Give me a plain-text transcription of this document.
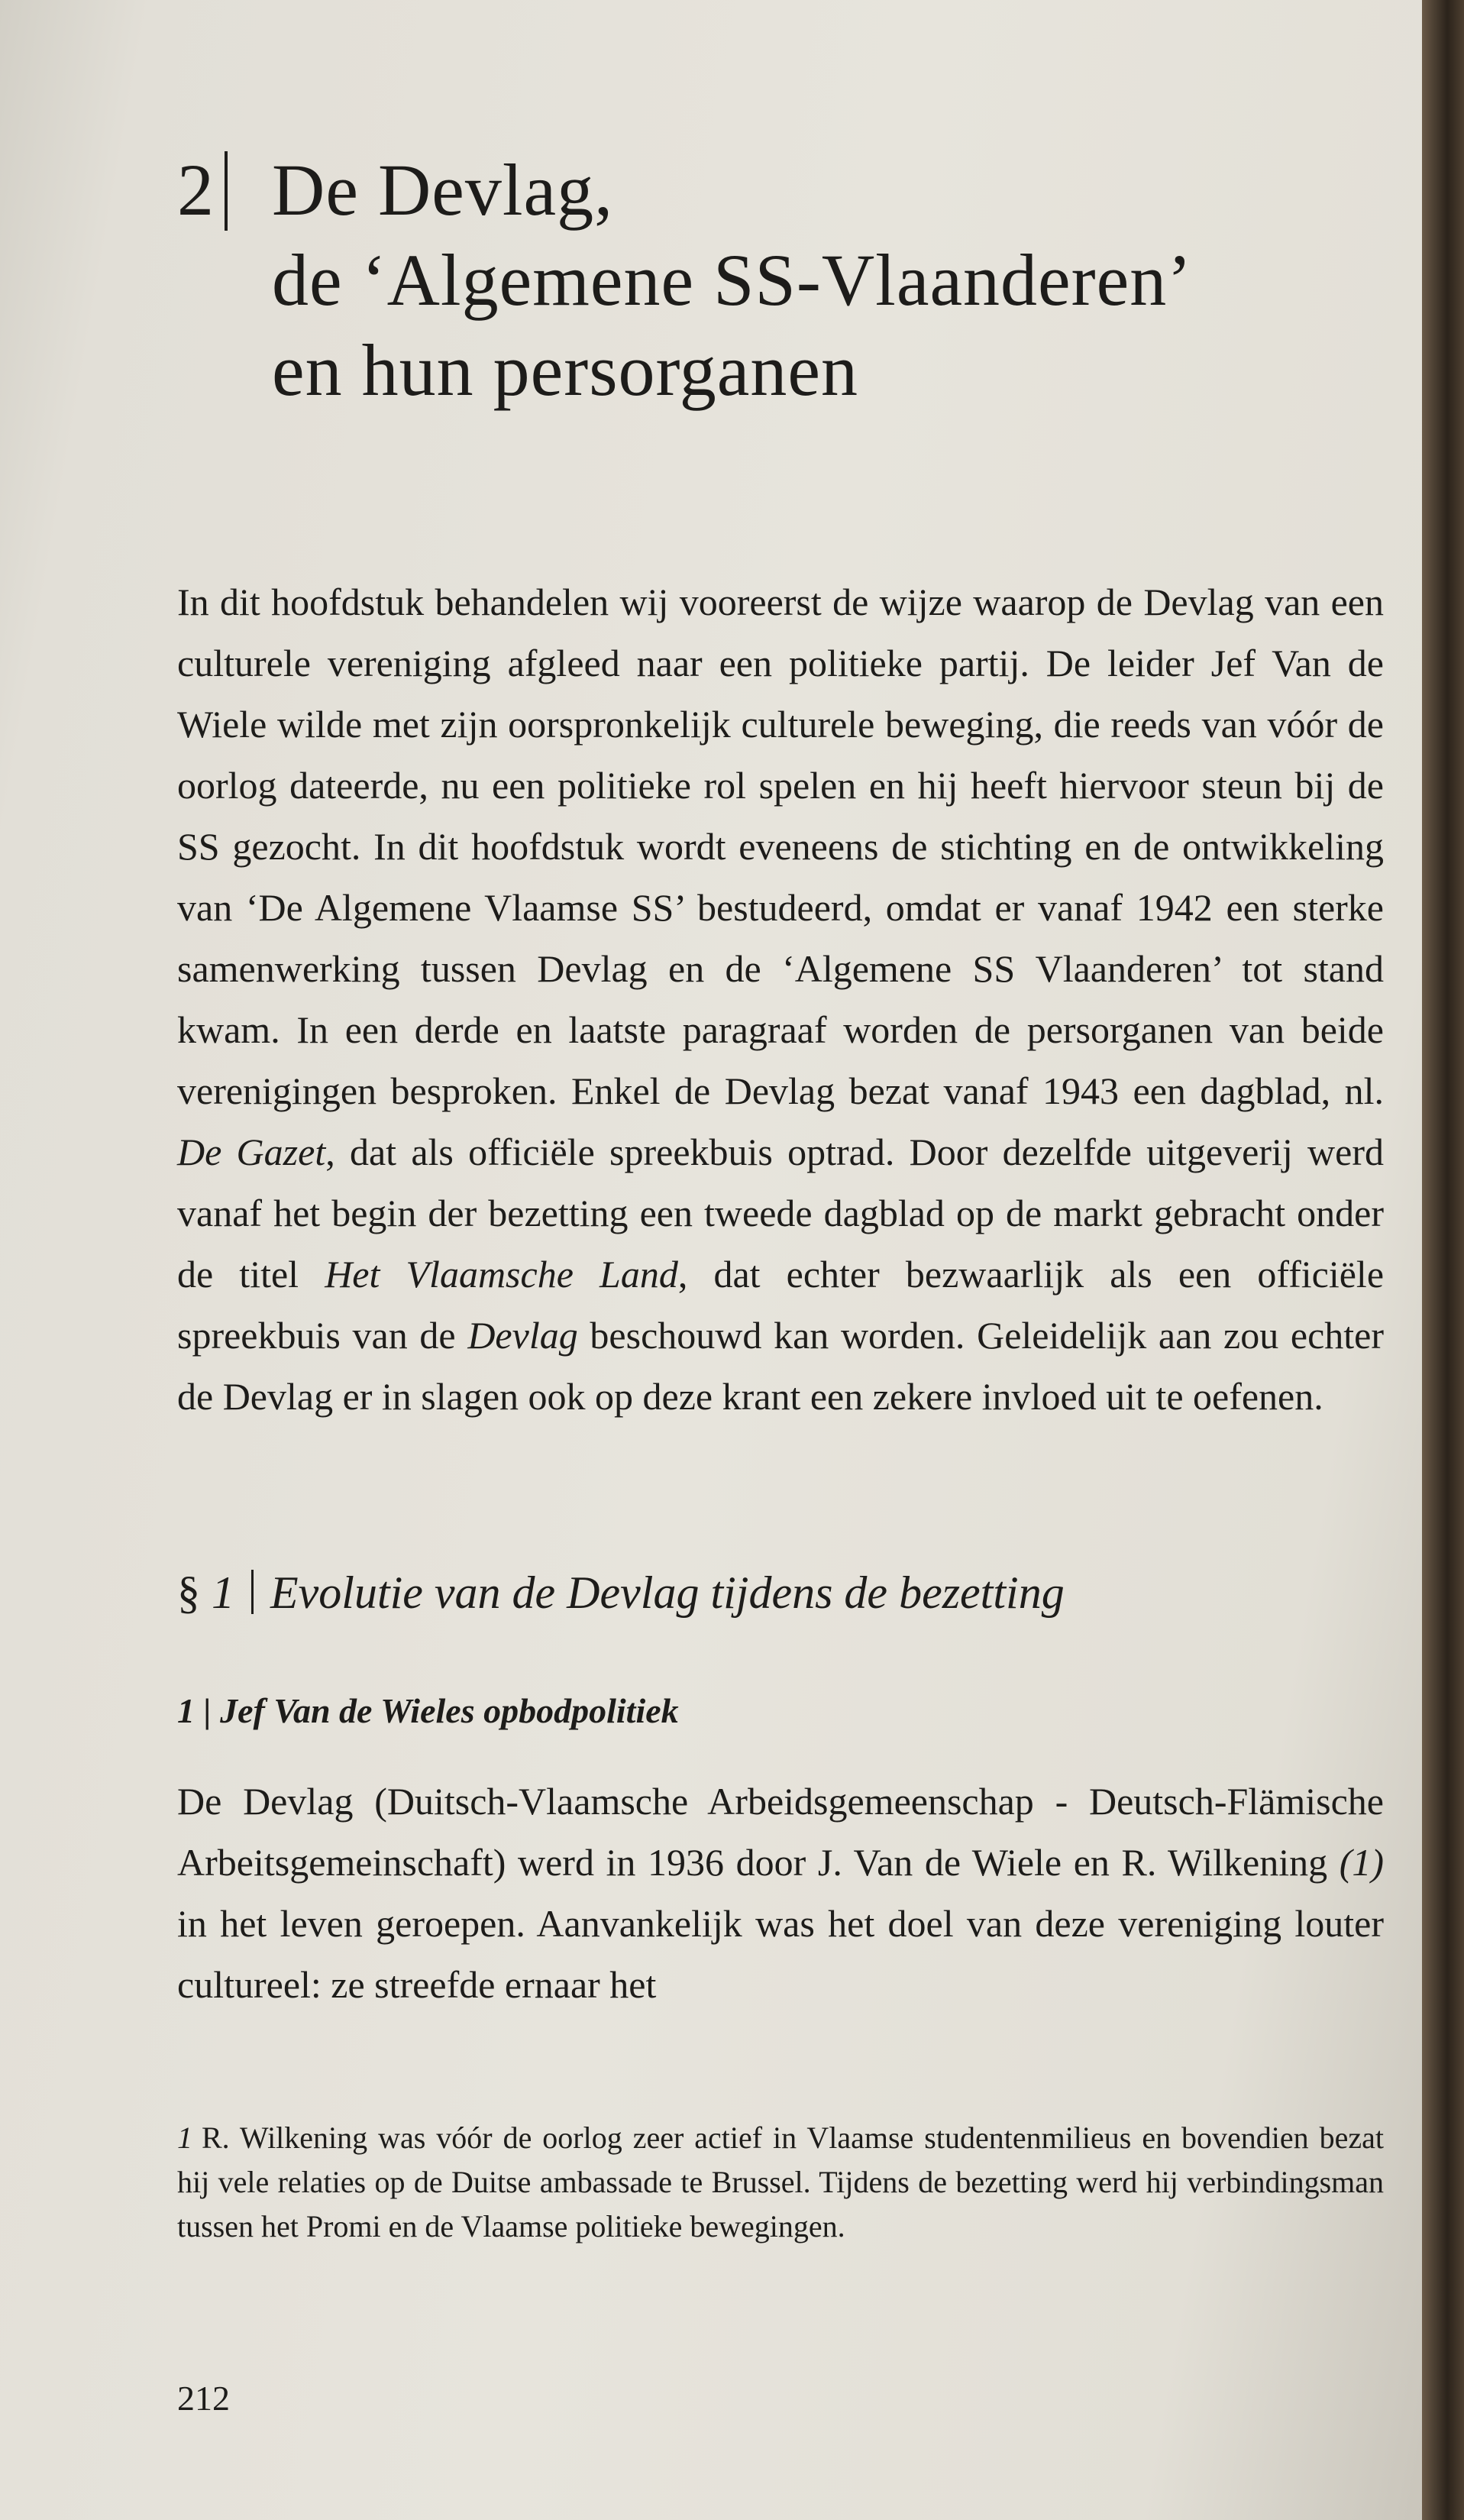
2 De Devlag,
de ‘Algemene SS-Vlaanderen’
en hun persorganen

In dit hoofdstuk behandelen wij vooreerst de wijze waarop de Devlag van een culturele vereniging afgleed naar een politieke partij. De leider Jef Van de Wiele wilde met zijn oorspronkelijk culturele beweging, die reeds van vóór de oorlog dateerde, nu een politieke rol spelen en hij heeft hiervoor steun bij de SS gezocht. In dit hoofdstuk wordt eveneens de stichting en de ontwikkeling van ‘De Algemene Vlaamse SS’ bestudeerd, omdat er vanaf 1942 een sterke samenwerking tussen Devlag en de ‘Algemene SS Vlaanderen’ tot stand kwam. In een derde en laatste paragraaf worden de persorganen van beide verenigingen besproken. Enkel de Devlag bezat vanaf 1943 een dagblad, nl. De Gazet, dat als officiële spreekbuis optrad. Door dezelfde uitgeverij werd vanaf het begin der bezetting een tweede dagblad op de markt gebracht onder de titel Het Vlaamsche Land, dat echter bezwaarlijk als een officiële spreekbuis van de Devlag beschouwd kan worden. Geleidelijk aan zou echter de Devlag er in slagen ook op deze krant een zekere invloed uit te oefenen.

§ 1 Evolutie van de Devlag tijdens de bezetting
1 | Jef Van de Wieles opbodpolitiek

De Devlag (Duitsch-Vlaamsche Arbeidsgemeenschap - Deutsch-Flämische Arbeitsgemeinschaft) werd in 1936 door J. Van de Wiele en R. Wilkening (1) in het leven geroepen. Aanvankelijk was het doel van deze vereniging louter cultureel: ze streefde ernaar het

1 R. Wilkening was vóór de oorlog zeer actief in Vlaamse studentenmilieus en bovendien bezat hij vele relaties op de Duitse ambassade te Brussel. Tijdens de bezetting werd hij verbindingsman tussen het Promi en de Vlaamse politieke bewegingen.

212
